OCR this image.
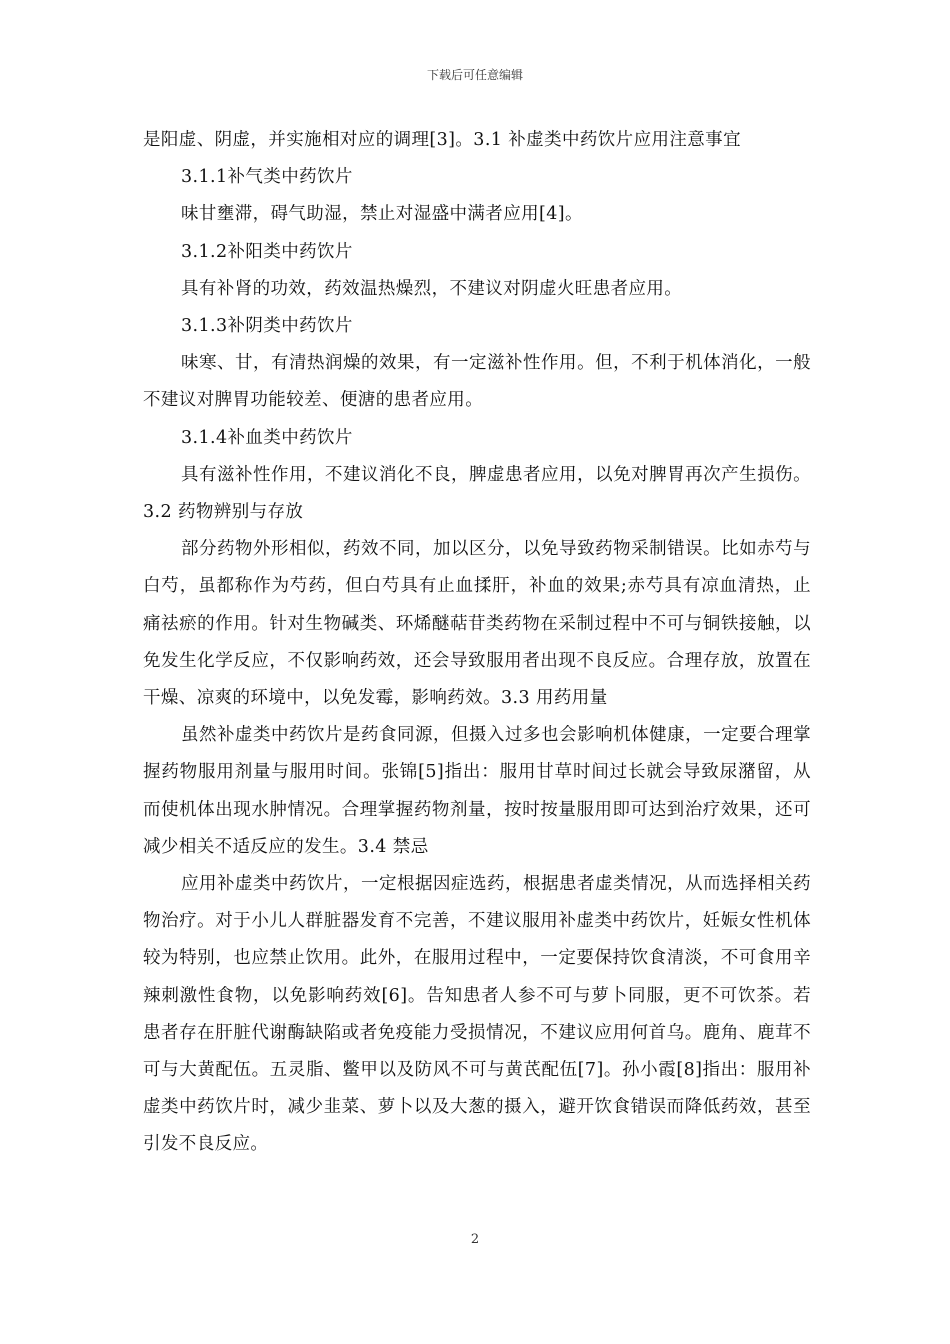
下载后可任意编辑

是阳虚、阴虚，并实施相对应的调理[3]。3.1 补虚类中药饮片应用注意事宜

3.1.1补气类中药饮片

味甘壅滞，碍气助湿，禁止对湿盛中满者应用[4]。

3.1.2补阳类中药饮片

具有补肾的功效，药效温热燥烈，不建议对阴虚火旺患者应用。

3.1.3补阴类中药饮片

味寒、甘，有清热润燥的效果，有一定滋补性作用。但，不利于机体消化，一般不建议对脾胃功能较差、便溏的患者应用。

3.1.4补血类中药饮片

具有滋补性作用，不建议消化不良，脾虚患者应用，以免对脾胃再次产生损伤。3.2 药物辨别与存放

部分药物外形相似，药效不同，加以区分，以免导致药物采制错误。比如赤芍与白芍，虽都称作为芍药，但白芍具有止血揉肝，补血的效果;赤芍具有凉血清热，止痛祛瘀的作用。针对生物碱类、环烯醚萜苷类药物在采制过程中不可与铜铁接触，以免发生化学反应，不仅影响药效，还会导致服用者出现不良反应。合理存放，放置在干燥、凉爽的环境中，以免发霉，影响药效。3.3 用药用量

虽然补虚类中药饮片是药食同源，但摄入过多也会影响机体健康，一定要合理掌握药物服用剂量与服用时间。张锦[5]指出：服用甘草时间过长就会导致尿潴留，从而使机体出现水肿情况。合理掌握药物剂量，按时按量服用即可达到治疗效果，还可减少相关不适反应的发生。3.4 禁忌

应用补虚类中药饮片，一定根据因症选药，根据患者虚类情况，从而选择相关药物治疗。对于小儿人群脏器发育不完善，不建议服用补虚类中药饮片，妊娠女性机体较为特别，也应禁止饮用。此外，在服用过程中，一定要保持饮食清淡，不可食用辛辣刺激性食物，以免影响药效[6]。告知患者人参不可与萝卜同服，更不可饮茶。若患者存在肝脏代谢酶缺陷或者免疫能力受损情况，不建议应用何首乌。鹿角、鹿茸不可与大黄配伍。五灵脂、鳖甲以及防风不可与黄芪配伍[7]。孙小霞[8]指出：服用补虚类中药饮片时，减少韭菜、萝卜以及大葱的摄入，避开饮食错误而降低药效，甚至引发不良反应。

2
